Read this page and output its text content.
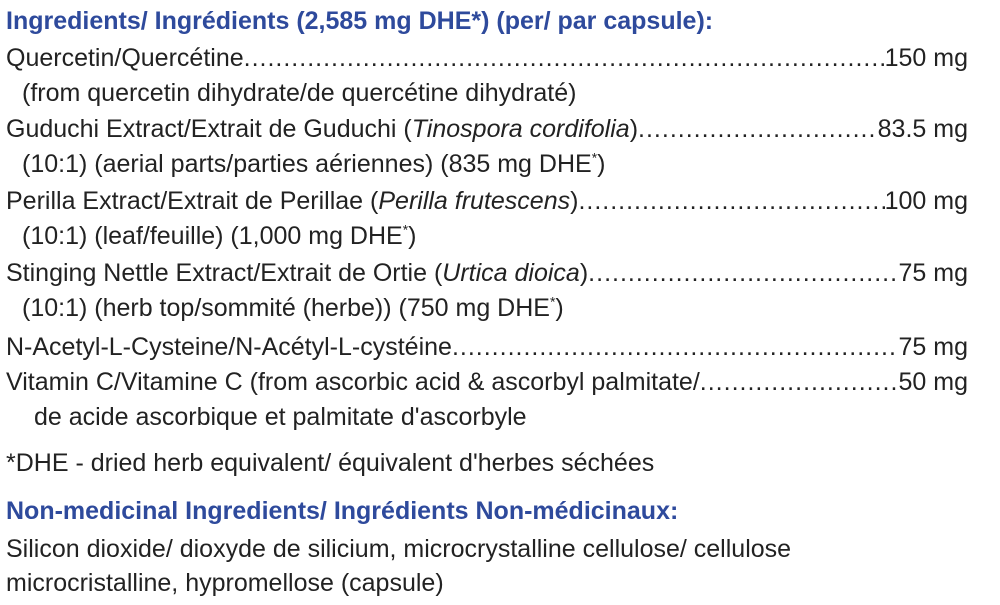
Ingredients/ Ingrédients (2,585 mg DHE*) (per/ par capsule):
Quercetin/Quercétine .....	150 mg
(from quercetin dihydrate/de quercétine dihydraté)
Guduchi Extract/Extrait de Guduchi (Tinospora cordifolia) .....	83.5 mg
(10:1) (aerial parts/parties aériennes) (835 mg DHE*)
Perilla Extract/Extrait de Perillae (Perilla frutescens) .....	100 mg
(10:1) (leaf/feuille) (1,000 mg DHE*)
Stinging Nettle Extract/Extrait de Ortie (Urtica dioica) .....	75 mg
(10:1) (herb top/sommité (herbe)) (750 mg DHE*)
N-Acetyl-L-Cysteine/N-Acétyl-L-cystéine .....	75 mg
Vitamin C/Vitamine C (from ascorbic acid & ascorbyl palmitate/ .....	50 mg
de acide ascorbique et palmitate d'ascorbyle
*DHE - dried herb equivalent/ équivalent d'herbes séchées
Non-medicinal Ingredients/ Ingrédients Non-médicinaux:
Silicon dioxide/ dioxyde de silicium, microcrystalline cellulose/ cellulose
microcristalline, hypromellose (capsule)
